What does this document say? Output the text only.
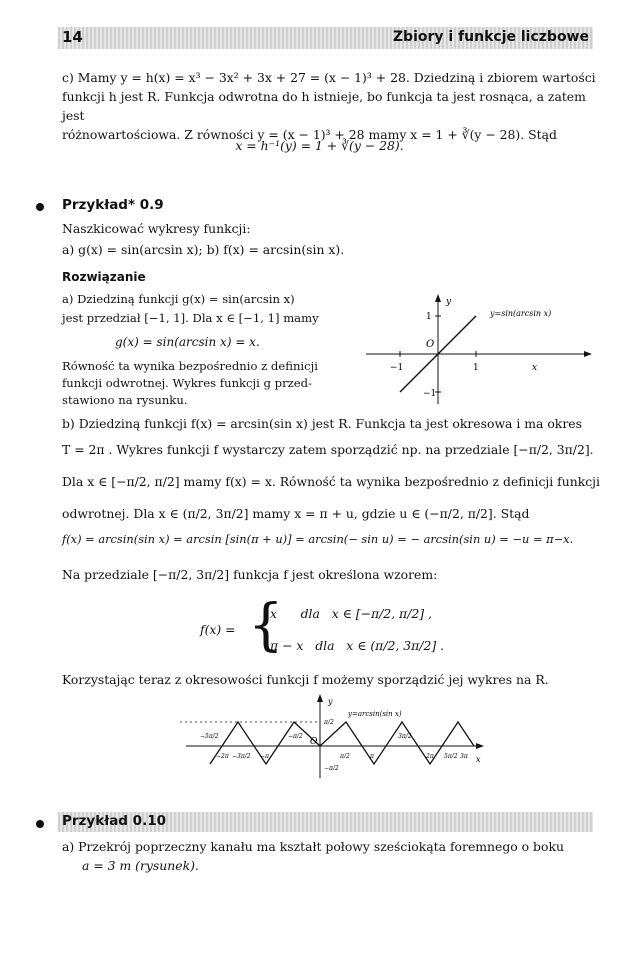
14	Zbiory i funkcje liczbowe
c) Mamy y = h(x) = x³ − 3x² + 3x + 27 = (x − 1)³ + 28. Dziedziną i zbiorem wartości
funkcji h jest R. Funkcja odwrotna do h istnieje, bo funkcja ta jest rosnąca, a zatem jest
różnowartościowa. Z równości y = (x − 1)³ + 28 mamy x = 1 + ∛(y − 28). Stąd
x = h⁻¹(y) = 1 + ∛(y − 28).
Przykład* 0.9
Naszkicować wykresy funkcji:
a) g(x) = sin(arcsin x); b) f(x) = arcsin(sin x).
Rozwiązanie
a) Dziedziną funkcji g(x) = sin(arcsin x)
jest przedział [−1, 1]. Dla x ∈ [−1, 1] mamy
g(x) = sin(arcsin x) = x.
Równość ta wynika bezpośrednio z definicji
funkcji odwrotnej. Wykres funkcji g przed-
stawiono na rysunku.
y
x
y=sin(arcsin x)
1
1
−1
−1
O
b) Dziedziną funkcji f(x) = arcsin(sin x) jest R. Funkcja ta jest okresowa i ma okres
T = 2π . Wykres funkcji f wystarczy zatem sporządzić np. na przedziale [−π/2, 3π/2].
Dla x ∈ [−π/2, π/2] mamy f(x) = x. Równość ta wynika bezpośrednio z definicji funkcji
odwrotnej. Dla x ∈ (π/2, 3π/2] mamy x = π + u, gdzie u ∈ (−π/2, π/2]. Stąd
f(x) = arcsin(sin x) = arcsin [sin(π + u)] = arcsin(− sin u) = − arcsin(sin u) = −u = π−x.
Na przedziale [−π/2, 3π/2] funkcja f jest określona wzorem:
f(x) = {
x      dla   x ∈ [−π/2, π/2] ,
π − x   dla   x ∈ (π/2, 3π/2] .
Korzystając teraz z okresowości funkcji f możemy sporządzić jej wykres na R.
y
x
y=arcsin(sin x)
O
−5π/2
−2π −3π/2 −π
−π/2
π/2	π
3π/2
2π 5π/2 3π
π/2
−π/2
Przykład 0.10
a) Przekrój poprzeczny kanału ma kształt połowy sześciokąta foremnego o boku
a = 3 m (rysunek).
